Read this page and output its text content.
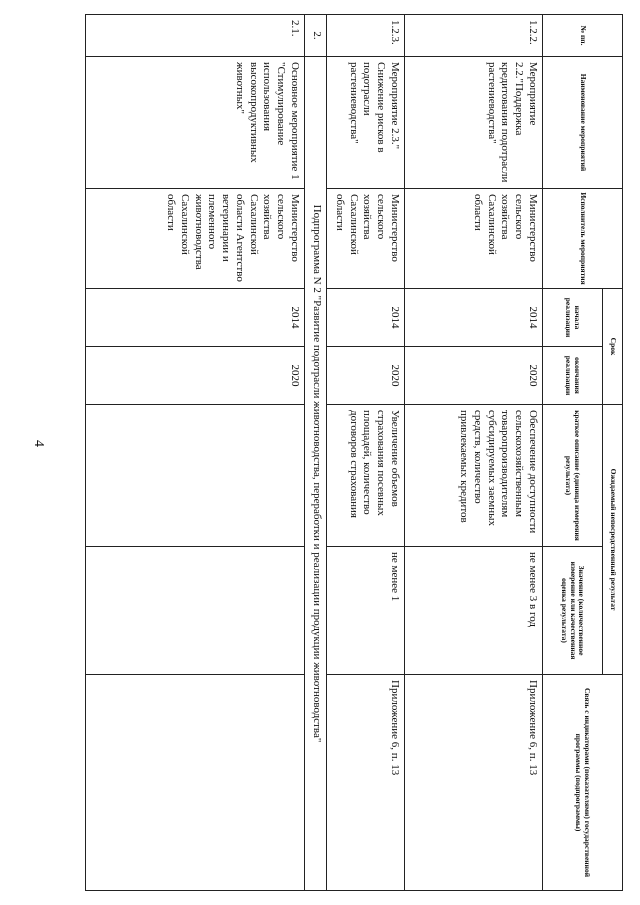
4
№ пп.	Наименование мероприятий	Исполнитель мероприятия	Срок		Ожидаемый непосредственный результат		Связь с индикаторами (показателями) государственной программы (подпрограммы)
			начала реализации	окончания реализации	краткое описание (единица измерения результата)	Значение (количественное измерение или качественная оценка результата)	
1.2.2.	Мероприятие 2.2."Поддержка кредитования подотрасли растениеводства"	Министерство сельского хозяйства Сахалинской области	2014	2020	Обеспечение доступности сельскохозяйственным товаропроизводителям субсидируемых заемных средств, количество привлекаемых кредитов	не менее 3 в год	Приложение 6, п. 13
1.2.3.	Мероприятие 2.3." Снижение рисков в подотрасли растениеводства"	Министерство сельского хозяйства Сахалинской области	2014	2020	Увеличение объемов страхования посевных площадей, количество договоров страхования	не менее 1	Приложение 6, п. 13
2.	Подпрограмма N 2 "Развитие подотрасли животноводства, переработки и реализации продукции животноводства"						
2.1.	Основное мероприятие 1 "Стимулирование использования высокопродуктивных животных"	Министерство сельского хозяйства Сахалинской области Агентство ветеринарии и племенного животноводства Сахалинской области	2014	2020			
